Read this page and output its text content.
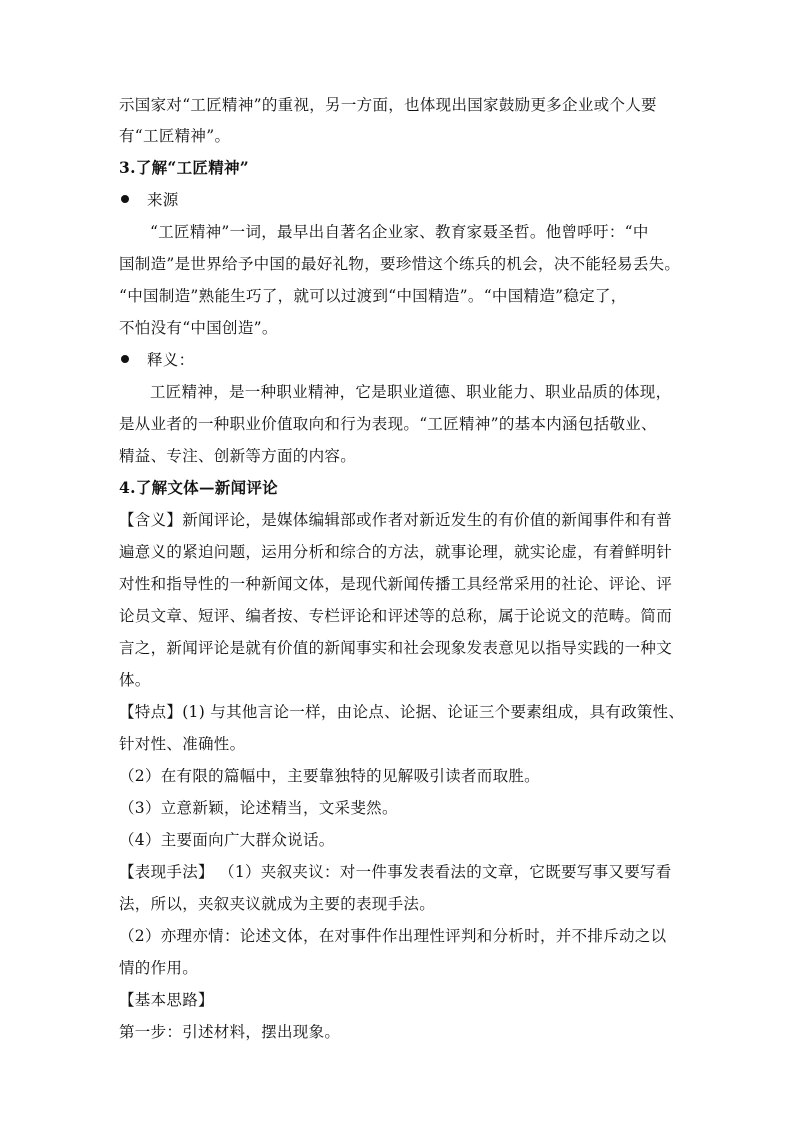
示国家对“工匠精神”的重视，另一方面，也体现出国家鼓励更多企业或个人要
有“工匠精神”。
3.了解“工匠精神”
来源
“工匠精神”一词，最早出自著名企业家、教育家聂圣哲。他曾呼吁：“中
国制造”是世界给予中国的最好礼物，要珍惜这个练兵的机会，决不能轻易丢失。
“中国制造”熟能生巧了，就可以过渡到“中国精造”。“中国精造”稳定了，
不怕没有“中国创造”。
释义：
工匠精神，是一种职业精神，它是职业道德、职业能力、职业品质的体现，
是从业者的一种职业价值取向和行为表现。“工匠精神”的基本内涵包括敬业、
精益、专注、创新等方面的内容。
4.了解文体—新闻评论
【含义】新闻评论，是媒体编辑部或作者对新近发生的有价值的新闻事件和有普
遍意义的紧迫问题，运用分析和综合的方法，就事论理，就实论虚，有着鲜明针
对性和指导性的一种新闻文体，是现代新闻传播工具经常采用的社论、评论、评
论员文章、短评、编者按、专栏评论和评述等的总称，属于论说文的范畴。简而
言之，新闻评论是就有价值的新闻事实和社会现象发表意见以指导实践的一种文
体。
【特点】(1) 与其他言论一样，由论点、论据、论证三个要素组成，具有政策性、
针对性、准确性。
（2）在有限的篇幅中，主要靠独特的见解吸引读者而取胜。
（3）立意新颖，论述精当，文采斐然。
（4）主要面向广大群众说话。
【表现手法】 （1）夹叙夹议：对一件事发表看法的文章，它既要写事又要写看
法，所以，夹叙夹议就成为主要的表现手法。
（2）亦理亦情：论述文体，在对事件作出理性评判和分析时，并不排斥动之以
情的作用。
【基本思路】
第一步：引述材料，摆出现象。
